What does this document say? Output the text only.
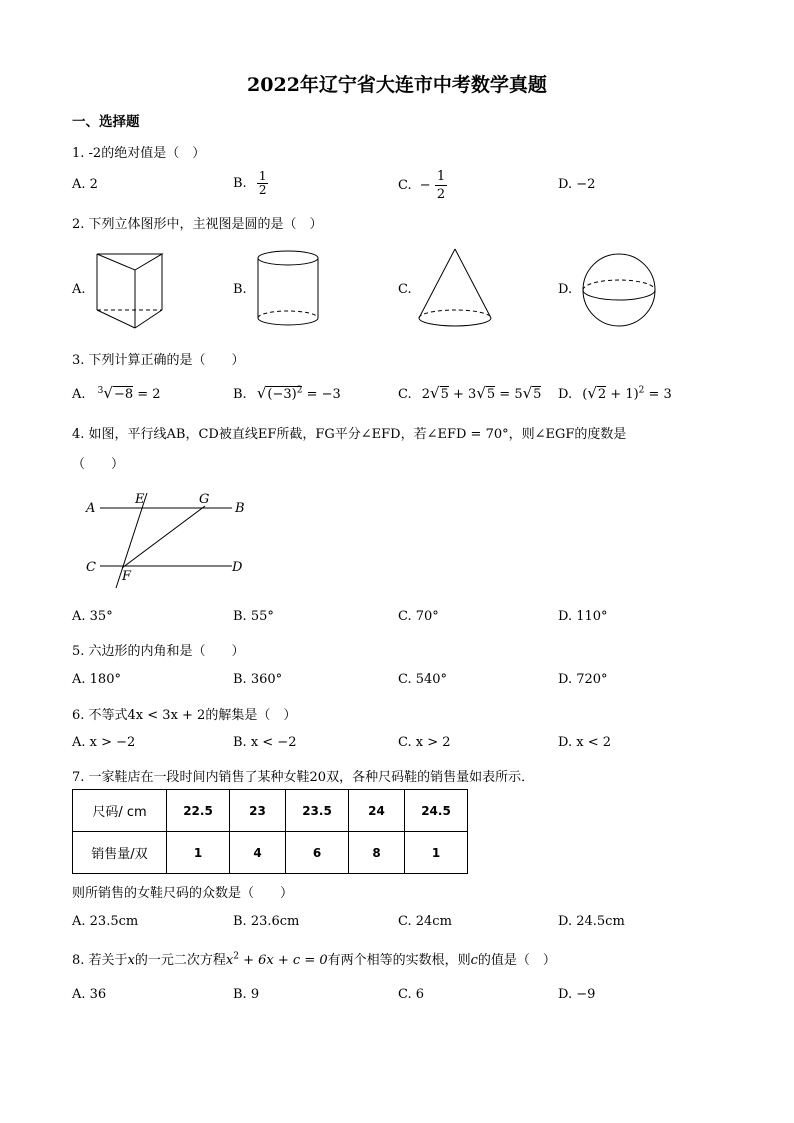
2022年辽宁省大连市中考数学真题
一、选择题
1. -2的绝对值是（　）
A. 2	B. $\frac{1}{2}$	C. − $\frac{1}{2}$	D. −2
2. 下列立体图形中，主视图是圆的是（　）
A.	B.	C.	D.
3. 下列计算正确的是（　　）
A. $^3$√−8 = 2	B. $√(-3)^2 = -3$	C. 2√5 + 3√5 = 5√5 D. $(√2 + 1)^2 = 3$
4. 如图，平行线AB，CD被直线EF所截，FG平分∠EFD，若∠EFD = 70°，则∠EGF的度数是
（　　）
A	B
C	D
E
F
G
A. 35°	B. 55°	C. 70°	D. 110°
5. 六边形的内角和是（　　）
A. 180°	B. 360°	C. 540°	D. 720°
6. 不等式4x < 3x + 2的解集是（　）
A. x > −2	B. x < −2	C. x > 2	D. x < 2
7. 一家鞋店在一段时间内销售了某种女鞋20双，各种尺码鞋的销售量如表所示．
尺码/ cm	22.5	23	23.5	24	24.5
销售量/双	1	4	6	8	1
则所销售的女鞋尺码的众数是（　　）
A. 23.5cm	B. 23.6cm	C. 24cm	D. 24.5cm
8. 若关于x的一元二次方程$x^2 + 6x + c = 0$有两个相等的实数根，则c的值是（　）
A. 36	B. 9	C. 6	D. −9
